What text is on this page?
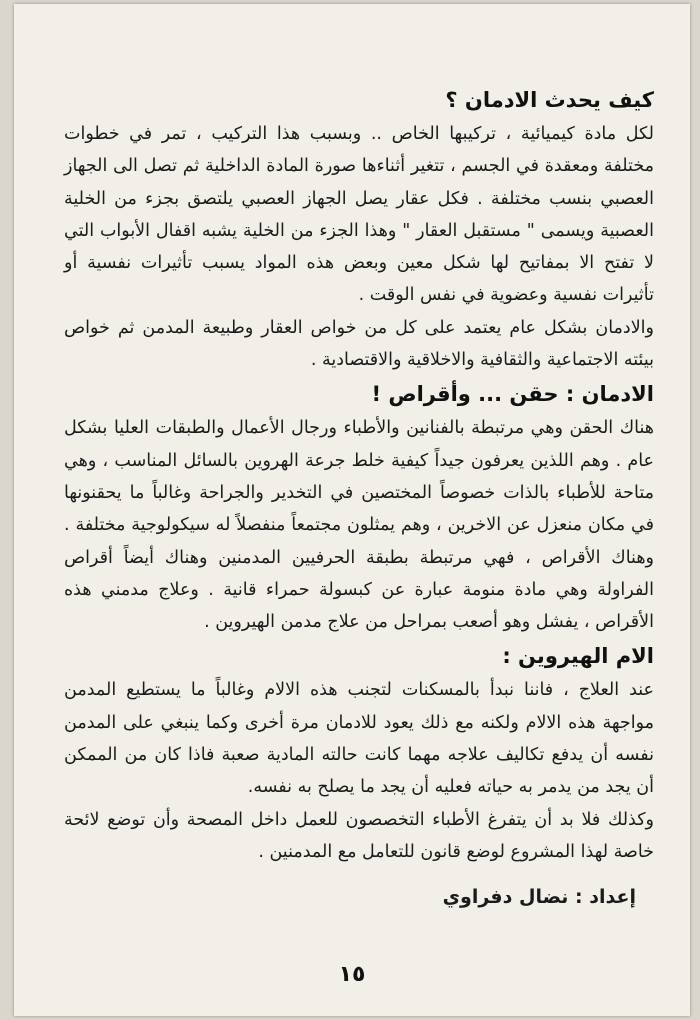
كيف يحدث الادمان ؟

لكل مادة كيميائية ، تركيبها الخاص .. وبسبب هذا التركيب ، تمر في خطوات مختلفة ومعقدة في الجسم ، تتغير أثناءها صورة المادة الداخلية ثم تصل الى الجهاز العصبي بنسب مختلفة . فكل عقار يصل الجهاز العصبي يلتصق بجزء من الخلية العصبية ويسمى " مستقبل العقار " وهذا الجزء من الخلية يشبه اقفال الأبواب التي لا تفتح الا بمفاتيح لها شكل معين وبعض هذه المواد يسبب تأثيرات نفسية أو تأثيرات نفسية وعضوية في نفس الوقت .

والادمان بشكل عام يعتمد على كل من خواص العقار وطبيعة المدمن ثم خواص بيئته الاجتماعية والثقافية والاخلاقية والاقتصادية .

الادمان : حقن ... وأقراص !

هناك الحقن وهي مرتبطة بالفنانين والأطباء ورجال الأعمال والطبقات العليا بشكل عام . وهم اللذين يعرفون جيداً كيفية خلط جرعة الهروين بالسائل المناسب ، وهي متاحة للأطباء بالذات خصوصاً المختصين في التخدير والجراحة وغالباً ما يحقنونها في مكان منعزل عن الاخرين ، وهم يمثلون مجتمعاً منفصلاً له سيكولوجية مختلفة . وهناك الأقراص ، فهي مرتبطة بطبقة الحرفيين المدمنين وهناك أيضاً أقراص الفراولة وهي مادة منومة عبارة عن كبسولة حمراء قانية . وعلاج مدمني هذه الأقراص ، يفشل وهو أصعب بمراحل من علاج مدمن الهيروين .

الام الهيروين :

عند العلاج ، فاننا نبدأ بالمسكنات لتجنب هذه الالام وغالباً ما يستطيع المدمن مواجهة هذه الالام ولكنه مع ذلك يعود للادمان مرة أخرى وكما ينبغي على المدمن نفسه أن يدفع تكاليف علاجه مهما كانت حالته المادية صعبة فاذا كان من الممكن أن يجد من يدمر به حياته فعليه أن يجد ما يصلح به نفسه.

وكذلك فلا بد أن يتفرغ الأطباء التخصصون للعمل داخل المصحة وأن توضع لائحة خاصة لهذا المشروع لوضع قانون للتعامل مع المدمنين .

إعداد : نضال دفراوي

١٥
